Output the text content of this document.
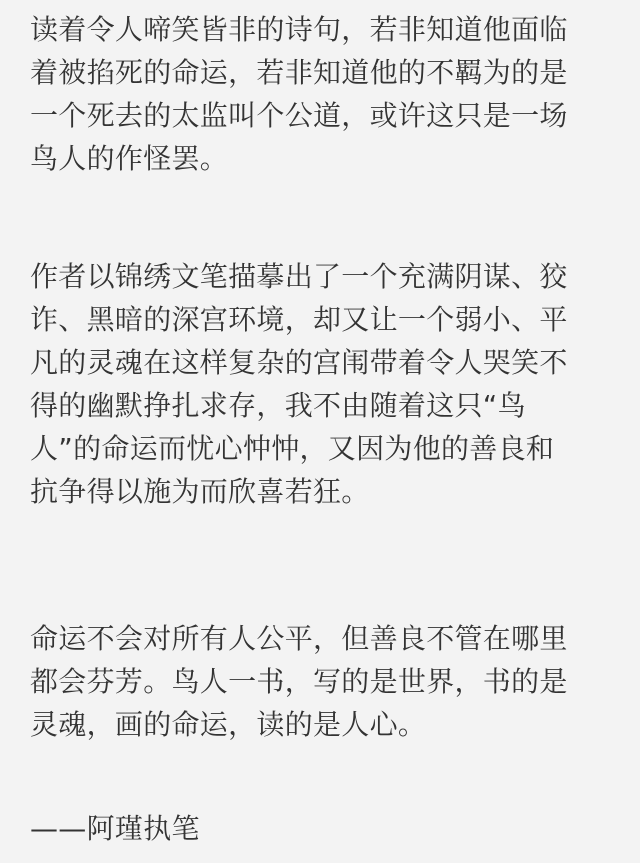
读着令人啼笑皆非的诗句，若非知道他面临
着被掐死的命运，若非知道他的不羁为的是
一个死去的太监叫个公道，或许这只是一场
鸟人的作怪罢。
作者以锦绣文笔描摹出了一个充满阴谋、狡
诈、黑暗的深宫环境，却又让一个弱小、平
凡的灵魂在这样复杂的宫闱带着令人哭笑不
得的幽默挣扎求存，我不由随着这只“鸟
人”的命运而忧心忡忡，又因为他的善良和
抗争得以施为而欣喜若狂。
命运不会对所有人公平，但善良不管在哪里
都会芬芳。鸟人一书，写的是世界，书的是
灵魂，画的命运，读的是人心。
——阿瑾执笔
